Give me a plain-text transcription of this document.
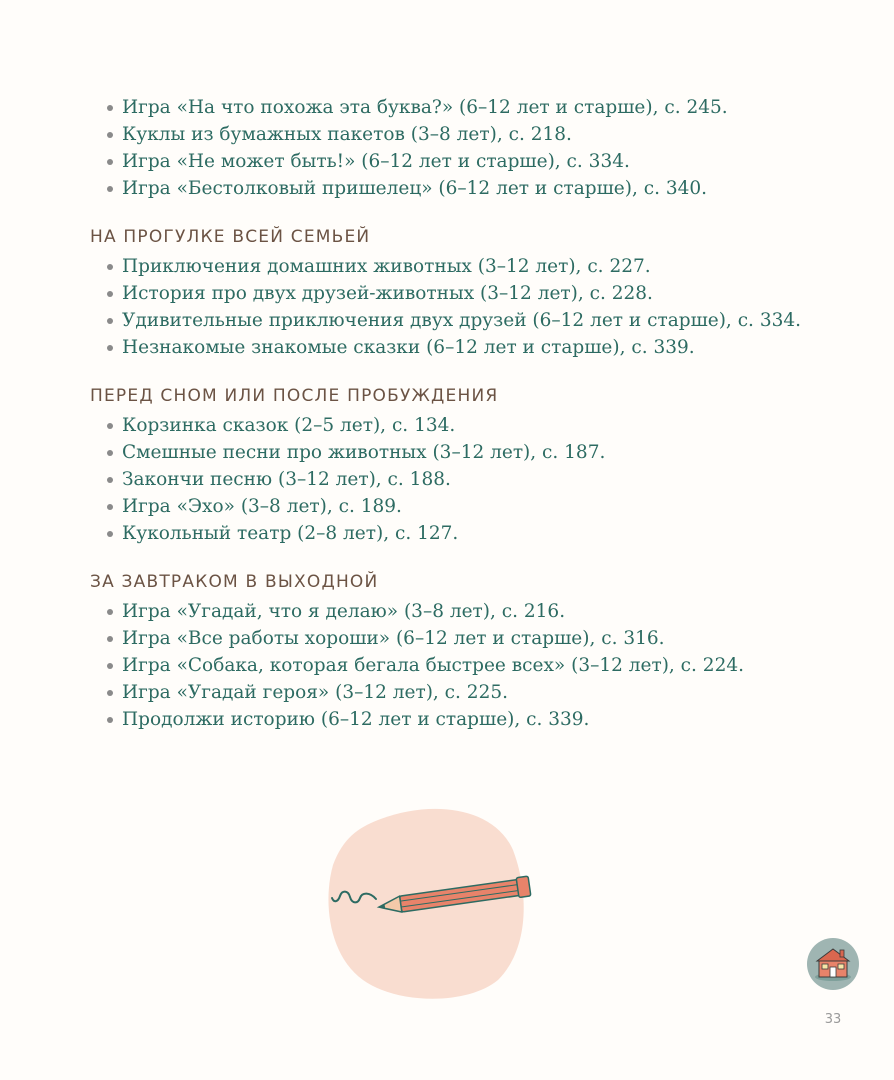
Игра «На что похожа эта буква?» (6–12 лет и старше), с. 245.
Куклы из бумажных пакетов (3–8 лет), с. 218.
Игра «Не может быть!» (6–12 лет и старше), с. 334.
Игра «Бестолковый пришелец» (6–12 лет и старше), с. 340.
НА ПРОГУЛКЕ ВСЕЙ СЕМЬЕЙ
Приключения домашних животных (3–12 лет), с. 227.
История про двух друзей-животных (3–12 лет), с. 228.
Удивительные приключения двух друзей (6–12 лет и старше), с. 334.
Незнакомые знакомые сказки (6–12 лет и старше), с. 339.
ПЕРЕД СНОМ ИЛИ ПОСЛЕ ПРОБУЖДЕНИЯ
Корзинка сказок (2–5 лет), с. 134.
Смешные песни про животных (3–12 лет), с. 187.
Закончи песню (3–12 лет), с. 188.
Игра «Эхо» (3–8 лет), с. 189.
Кукольный театр (2–8 лет), с. 127.
ЗА ЗАВТРАКОМ В ВЫХОДНОЙ
Игра «Угадай, что я делаю» (3–8 лет), с. 216.
Игра «Все работы хороши» (6–12 лет и старше), с. 316.
Игра «Собака, которая бегала быстрее всех» (3–12 лет), с. 224.
Игра «Угадай героя» (3–12 лет), с. 225.
Продолжи историю (6–12 лет и старше), с. 339.
33
